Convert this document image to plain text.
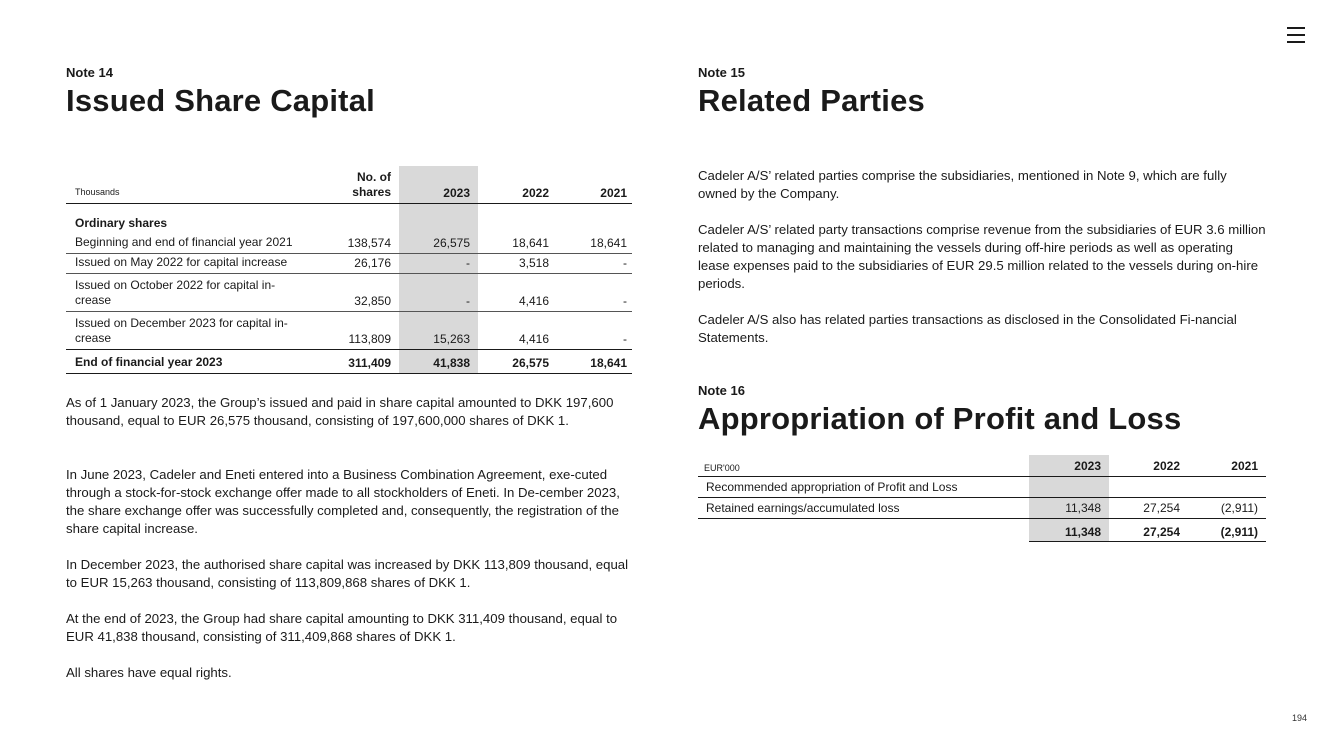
Note 14
Issued Share Capital
Thousands
No. of
shares	2023	2022	2021
Ordinary shares
Beginning and end of financial year 2021	138,574	26,575	18,641	18,641
Issued on May 2022 for capital increase	26,176	-	3,518	-
Issued on October 2022 for capital in-
crease	32,850	-	4,416	-
Issued on December 2023 for capital in-
crease	113,809	15,263	4,416	-
End of financial year 2023	311,409	41,838	26,575	18,641

As of 1 January 2023, the Group’s issued and paid in share capital amounted to DKK 197,600 thousand, equal to EUR 26,575 thousand, consisting of 197,600,000 shares of DKK 1.

In June 2023, Cadeler and Eneti entered into a Business Combination Agreement, exe-cuted through a stock-for-stock exchange offer made to all stockholders of Eneti. In De-cember 2023, the share exchange offer was successfully completed and, consequently, the registration of the share capital increase.

In December 2023, the authorised share capital was increased by DKK 113,809 thousand, equal to EUR 15,263 thousand, consisting of 113,809,868 shares of DKK 1.

At the end of 2023, the Group had share capital amounting to DKK 311,409 thousand, equal to EUR 41,838 thousand, consisting of 311,409,868 shares of DKK 1.

All shares have equal rights.

Note 15
Related Parties

Cadeler A/S’ related parties comprise the subsidiaries, mentioned in Note 9, which are fully owned by the Company.

Cadeler A/S’ related party transactions comprise revenue from the subsidiaries of EUR 3.6 million related to managing and maintaining the vessels during off-hire periods as well as operating lease expenses paid to the subsidiaries of EUR 29.5 million related to the vessels during on-hire periods.

Cadeler A/S also has related parties transactions as disclosed in the Consolidated Fi-nancial Statements.

Note 16
Appropriation of Profit and Loss
EUR'000	2023	2022	2021
Recommended appropriation of Profit and Loss
Retained earnings/accumulated loss	11,348	27,254	(2,911)
11,348	27,254	(2,911)
194
